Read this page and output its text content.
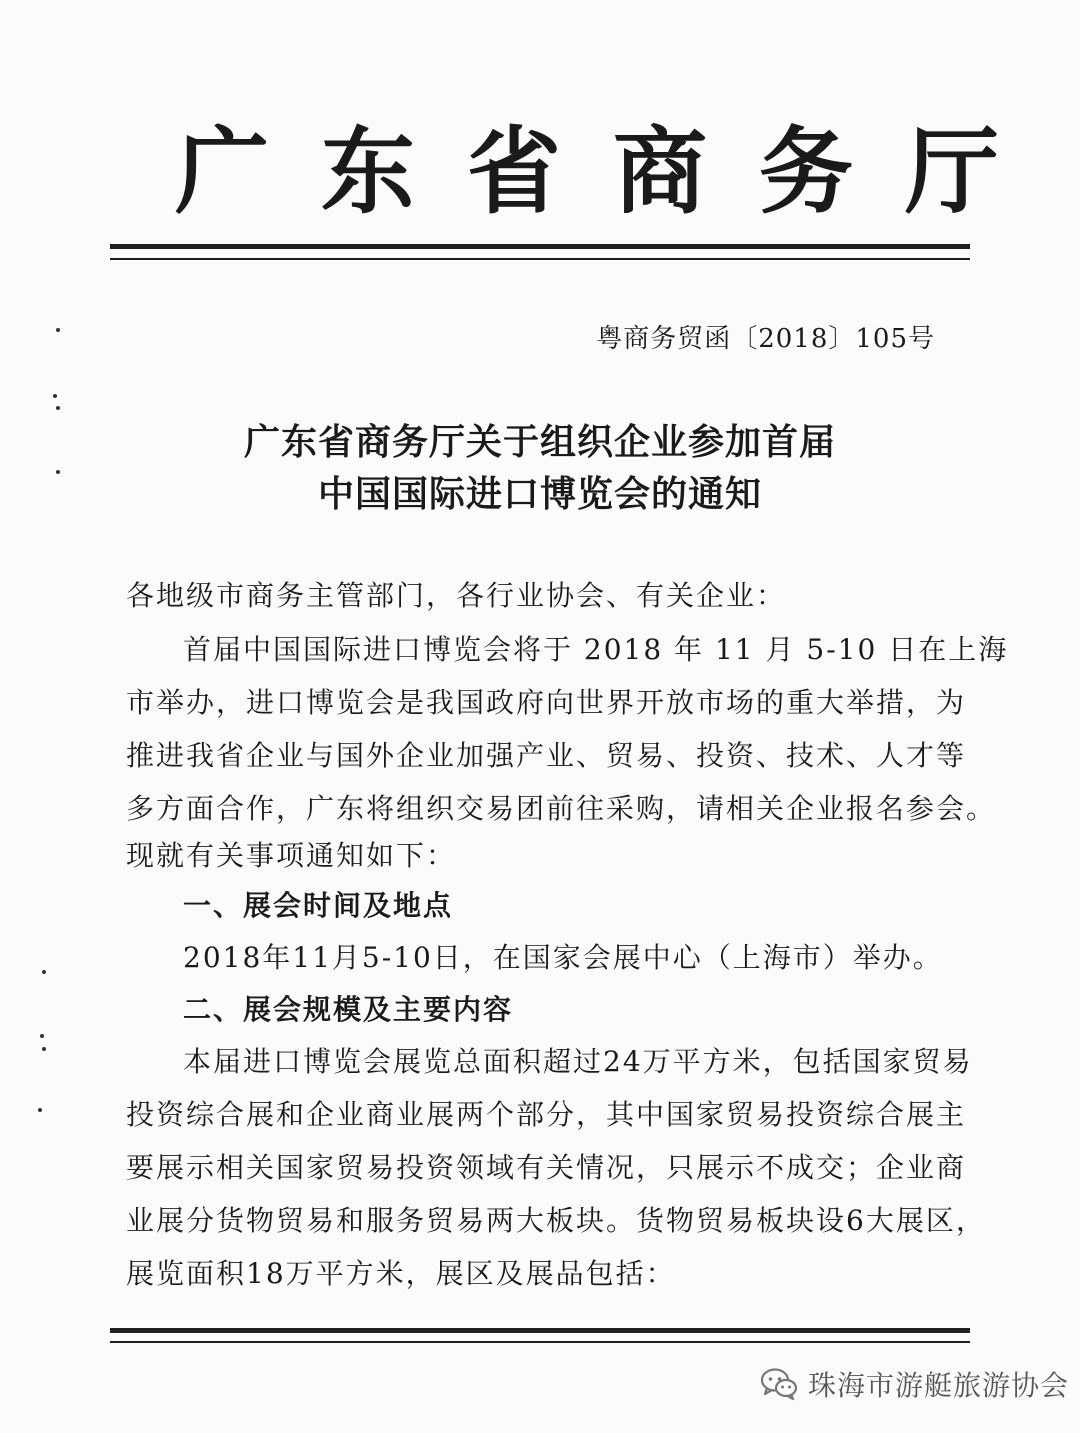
广东省商务厅
粤商务贸函〔2018〕105号
广东省商务厅关于组织企业参加首届
中国国际进口博览会的通知
各地级市商务主管部门，各行业协会、有关企业：
首届中国国际进口博览会将于 2018 年 11 月 5-10 日在上海
市举办，进口博览会是我国政府向世界开放市场的重大举措，为
推进我省企业与国外企业加强产业、贸易、投资、技术、人才等
多方面合作，广东将组织交易团前往采购，请相关企业报名参会。
现就有关事项通知如下：
一、展会时间及地点
2018年11月5-10日，在国家会展中心（上海市）举办。
二、展会规模及主要内容
本届进口博览会展览总面积超过24万平方米，包括国家贸易
投资综合展和企业商业展两个部分，其中国家贸易投资综合展主
要展示相关国家贸易投资领域有关情况，只展示不成交；企业商
业展分货物贸易和服务贸易两大板块。货物贸易板块设6大展区，
展览面积18万平方米，展区及展品包括：
珠海市游艇旅游协会
